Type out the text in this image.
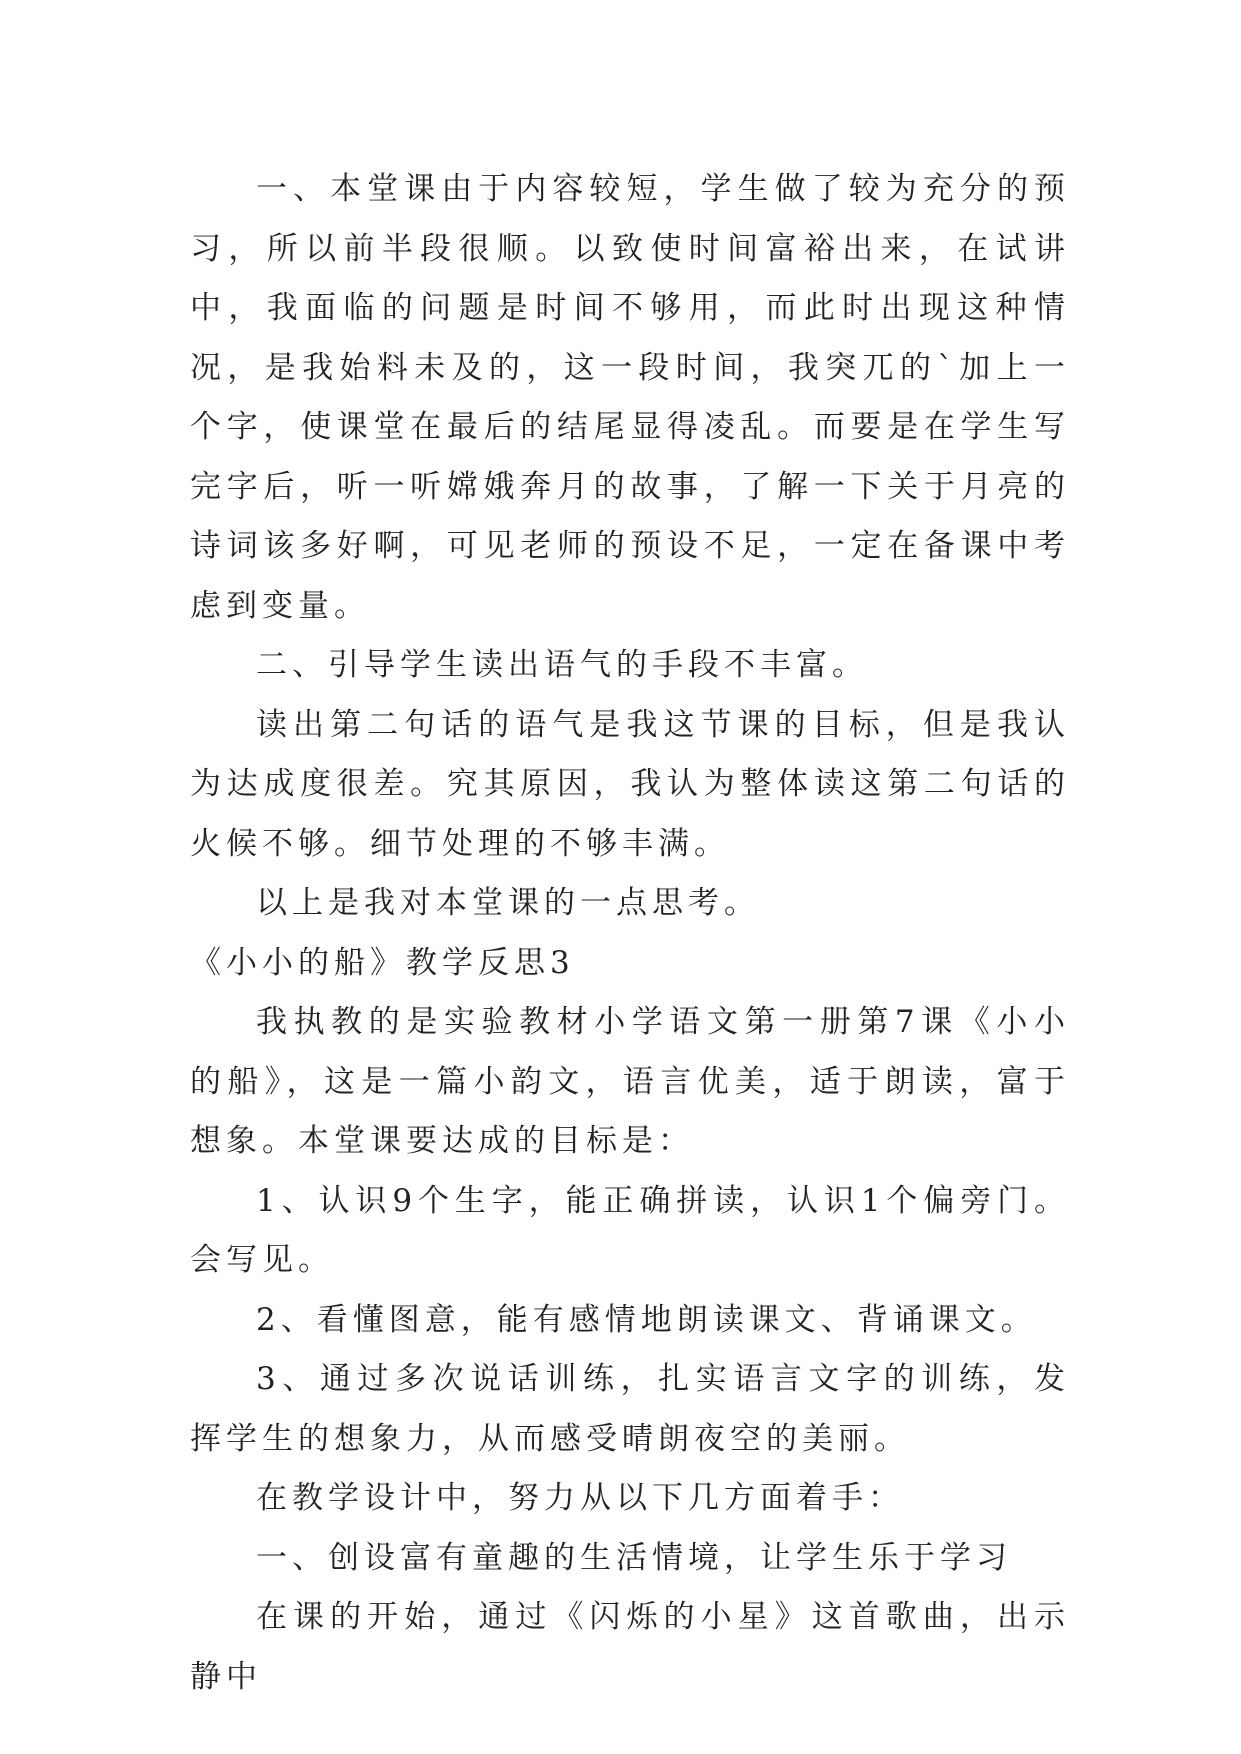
一、本堂课由于内容较短，学生做了较为充分的预习，所以前半段很顺。以致使时间富裕出来，在试讲中，我面临的问题是时间不够用，而此时出现这种情况，是我始料未及的，这一段时间，我突兀的`加上一个字，使课堂在最后的结尾显得凌乱。而要是在学生写完字后，听一听嫦娥奔月的故事，了解一下关于月亮的诗词该多好啊，可见老师的预设不足，一定在备课中考虑到变量。

二、引导学生读出语气的手段不丰富。

读出第二句话的语气是我这节课的目标，但是我认为达成度很差。究其原因，我认为整体读这第二句话的火候不够。细节处理的不够丰满。

以上是我对本堂课的一点思考。

《小小的船》教学反思3

我执教的是实验教材小学语文第一册第7课《小小的船》，这是一篇小韵文，语言优美，适于朗读，富于想象。本堂课要达成的目标是：

1、认识9个生字，能正确拼读，认识1个偏旁门。会写见。

2、看懂图意，能有感情地朗读课文、背诵课文。

3、通过多次说话训练，扎实语言文字的训练，发挥学生的想象力，从而感受晴朗夜空的美丽。

在教学设计中，努力从以下几方面着手：

一、创设富有童趣的生活情境，让学生乐于学习

在课的开始，通过《闪烁的小星》这首歌曲，出示静中
